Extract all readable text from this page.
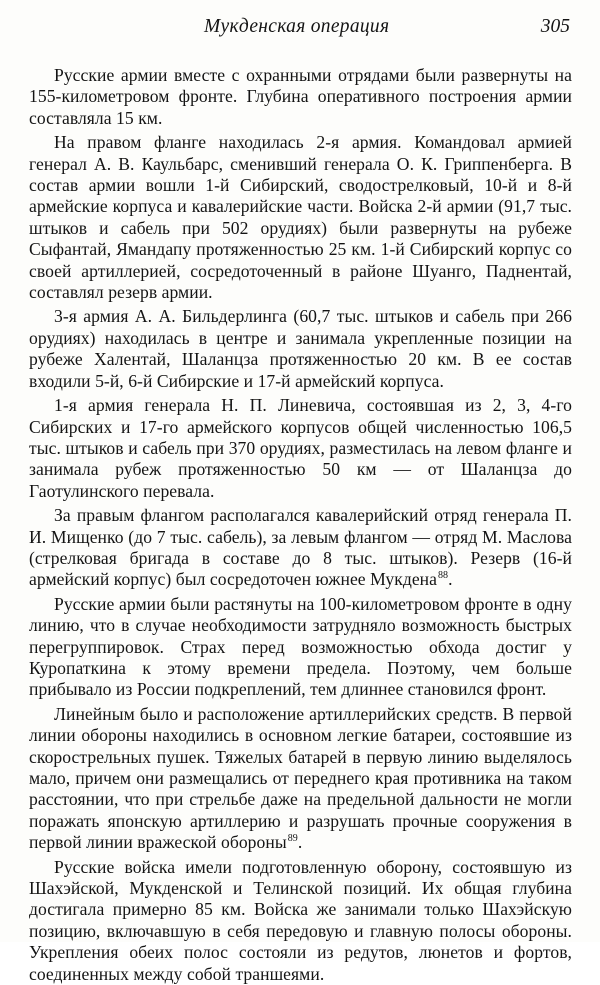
Мукденская операция	305

Русские армии вместе с охранными отрядами были развернуты на 155-километровом фронте. Глубина оперативного построения армии составляла 15 км.

На правом фланге находилась 2-я армия. Командовал армией генерал А. В. Каульбарс, сменивший генерала О. К. Гриппенберга. В состав армии вошли 1-й Сибирский, сводострелковый, 10-й и 8-й армейские корпуса и кавалерийские части. Войска 2-й армии (91,7 тыс. штыков и сабель при 502 орудиях) были развернуты на рубеже Сыфантай, Ямандапу протяженностью 25 км. 1-й Сибирский корпус со своей артиллерией, сосредоточенный в районе Шуанго, Паднентай, составлял резерв армии.

3-я армия А. А. Бильдерлинга (60,7 тыс. штыков и сабель при 266 орудиях) находилась в центре и занимала укрепленные позиции на рубеже Халентай, Шаланцза протяженностью 20 км. В ее состав входили 5-й, 6-й Сибирские и 17-й армейский корпуса.

1-я армия генерала Н. П. Линевича, состоявшая из 2, 3, 4-го Сибирских и 17-го армейского корпусов общей численностью 106,5 тыс. штыков и сабель при 370 орудиях, разместилась на левом фланге и занимала рубеж протяженностью 50 км — от Шаланцза до Гаотулинского перевала.

За правым флангом располагался кавалерийский отряд генерала П. И. Мищенко (до 7 тыс. сабель), за левым флангом — отряд М. Маслова (стрелковая бригада в составе до 8 тыс. штыков). Резерв (16-й армейский корпус) был сосредоточен южнее Мукдена$^{88}$.

Русские армии были растянуты на 100-километровом фронте в одну линию, что в случае необходимости затрудняло возможность быстрых перегруппировок. Страх перед возможностью обхода достиг у Куропаткина к этому времени предела. Поэтому, чем больше прибывало из России подкреплений, тем длиннее становился фронт.

Линейным было и расположение артиллерийских средств. В первой линии обороны находились в основном легкие батареи, состоявшие из скорострельных пушек. Тяжелых батарей в первую линию выделялось мало, причем они размещались от переднего края противника на таком расстоянии, что при стрельбе даже на предельной дальности не могли поражать японскую артиллерию и разрушать прочные сооружения в первой линии вражеской обороны$^{89}$.

Русские войска имели подготовленную оборону, состоявшую из Шахэйской, Мукденской и Телинской позиций. Их общая глубина достигала примерно 85 км. Войска же занимали только Шахэйскую позицию, включавшую в себя передовую и главную полосы обороны. Укрепления обеих полос состояли из редутов, люнетов и фортов, соединенных между собой траншеями.
